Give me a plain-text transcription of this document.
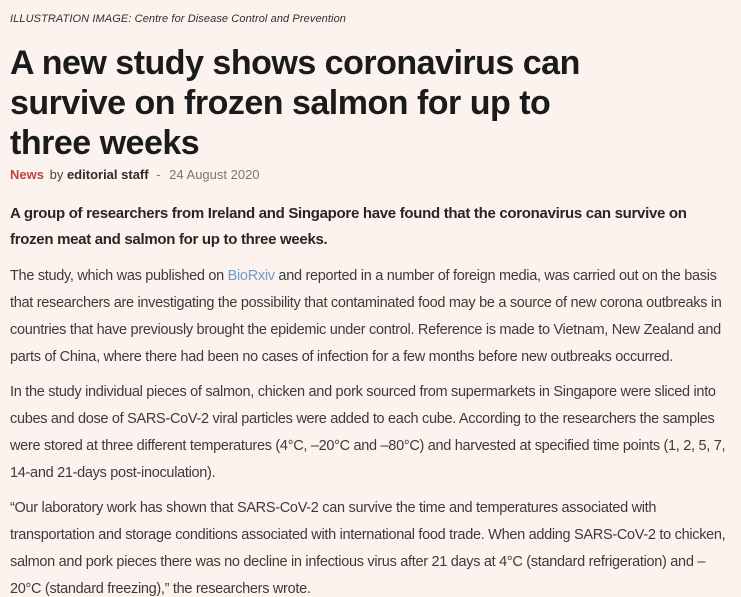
ILLUSTRATION IMAGE: Centre for Disease Control and Prevention
A new study shows coronavirus can
survive on frozen salmon for up to
three weeks
News by editorial staff - 24 August 2020

A group of researchers from Ireland and Singapore have found that the coronavirus can survive on frozen meat and salmon for up to three weeks.

The study, which was published on BioRxiv and reported in a number of foreign media, was carried out on the basis that researchers are investigating the possibility that contaminated food may be a source of new corona outbreaks in countries that have previously brought the epidemic under control. Reference is made to Vietnam, New Zealand and parts of China, where there had been no cases of infection for a few months before new outbreaks occurred.

In the study individual pieces of salmon, chicken and pork sourced from supermarkets in Singapore were sliced into cubes and dose of SARS-CoV-2 viral particles were added to each cube. According to the researchers the samples were stored at three different temperatures (4°C, –20°C and –80°C) and harvested at specified time points (1, 2, 5, 7, 14-and 21-days post-inoculation).

“Our laboratory work has shown that SARS-CoV-2 can survive the time and temperatures associated with transportation and storage conditions associated with international food trade. When adding SARS-CoV-2 to chicken, salmon and pork pieces there was no decline in infectious virus after 21 days at 4°C (standard refrigeration) and –20°C (standard freezing),” the researchers wrote.
